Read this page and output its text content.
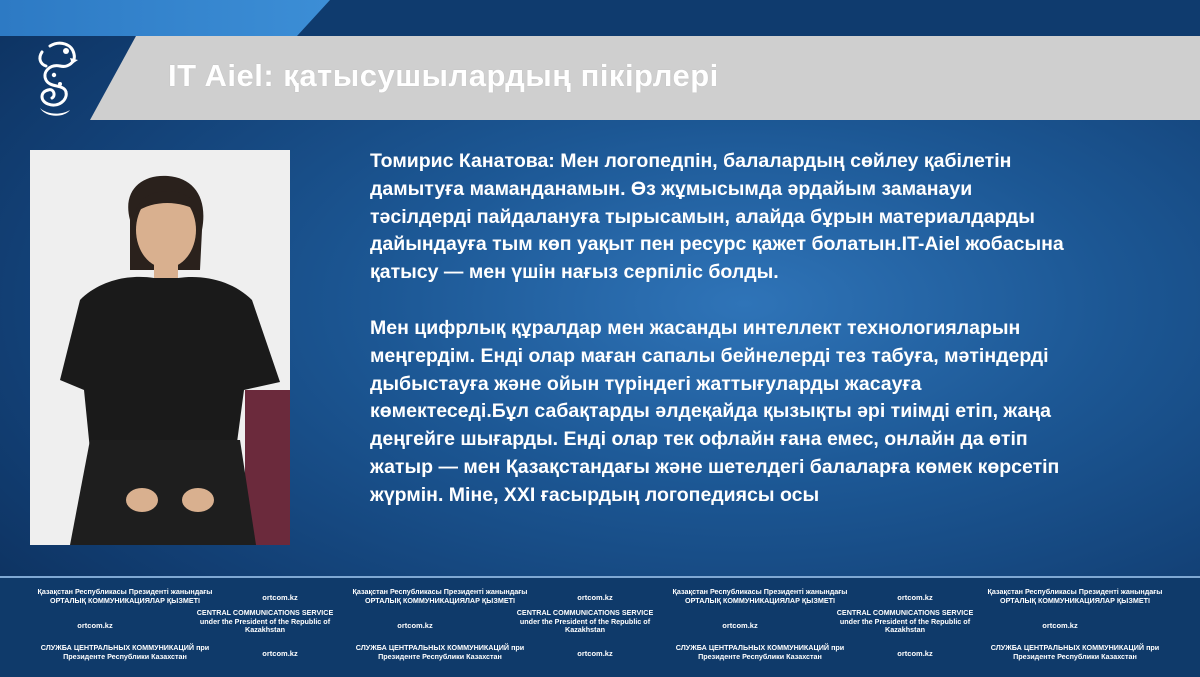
IT Aiel: қатысушылардың пікірлері

Томирис Канатова: Мен логопедпін, балалардың сөйлеу қабілетін дамытуға маманданамын. Өз жұмысымда әрдайым заманауи тәсілдерді пайдалануға тырысамын, алайда бұрын материалдарды дайындауға тым көп уақыт пен ресурс қажет болатын.IT-Aiel жобасына қатысу — мен үшін нағыз серпіліс болды.

Мен цифрлық құралдар мен жасанды интеллект технологияларын меңгердім. Енді олар маған сапалы бейнелерді тез табуға, мәтіндерді дыбыстауға және ойын түріндегі жаттығуларды жасауға көмектеседі.Бұл сабақтарды әлдеқайда қызықты әрі тиімді етіп, жаңа деңгейге шығарды. Енді олар тек офлайн ғана емес, онлайн да өтіп жатыр — мен Қазақстандағы және шетелдегі балаларға көмек көрсетіп жүрмін. Міне, XXI ғасырдың логопедиясы осы

Қазақстан Республикасы Президенті жанындағы ОРТАЛЫҚ КОММУНИКАЦИЯЛАР ҚЫЗМЕТІ	ortcom.kz
Қазақстан Республикасы Президенті жанындағы ОРТАЛЫҚ КОММУНИКАЦИЯЛАР ҚЫЗМЕТІ	ortcom.kz
Қазақстан Республикасы Президенті жанындағы ОРТАЛЫҚ КОММУНИКАЦИЯЛАР ҚЫЗМЕТІ	ortcom.kz
Қазақстан Республикасы Президенті жанындағы ОРТАЛЫҚ КОММУНИКАЦИЯЛАР ҚЫЗМЕТІ
ortcom.kz
CENTRAL COMMUNICATIONS SERVICE under the President of the Republic of Kazakhstan	ortcom.kz
CENTRAL COMMUNICATIONS SERVICE under the President of the Republic of Kazakhstan	ortcom.kz
CENTRAL COMMUNICATIONS SERVICE under the President of the Republic of Kazakhstan	ortcom.kz
СЛУЖБА ЦЕНТРАЛЬНЫХ КОММУНИКАЦИЙ при Президенте Республики Казахстан	ortcom.kz
СЛУЖБА ЦЕНТРАЛЬНЫХ КОММУНИКАЦИЙ при Президенте Республики Казахстан	ortcom.kz
СЛУЖБА ЦЕНТРАЛЬНЫХ КОММУНИКАЦИЙ при Президенте Республики Казахстан	ortcom.kz
СЛУЖБА ЦЕНТРАЛЬНЫХ КОММУНИКАЦИЙ при Президенте Республики Казахстан
